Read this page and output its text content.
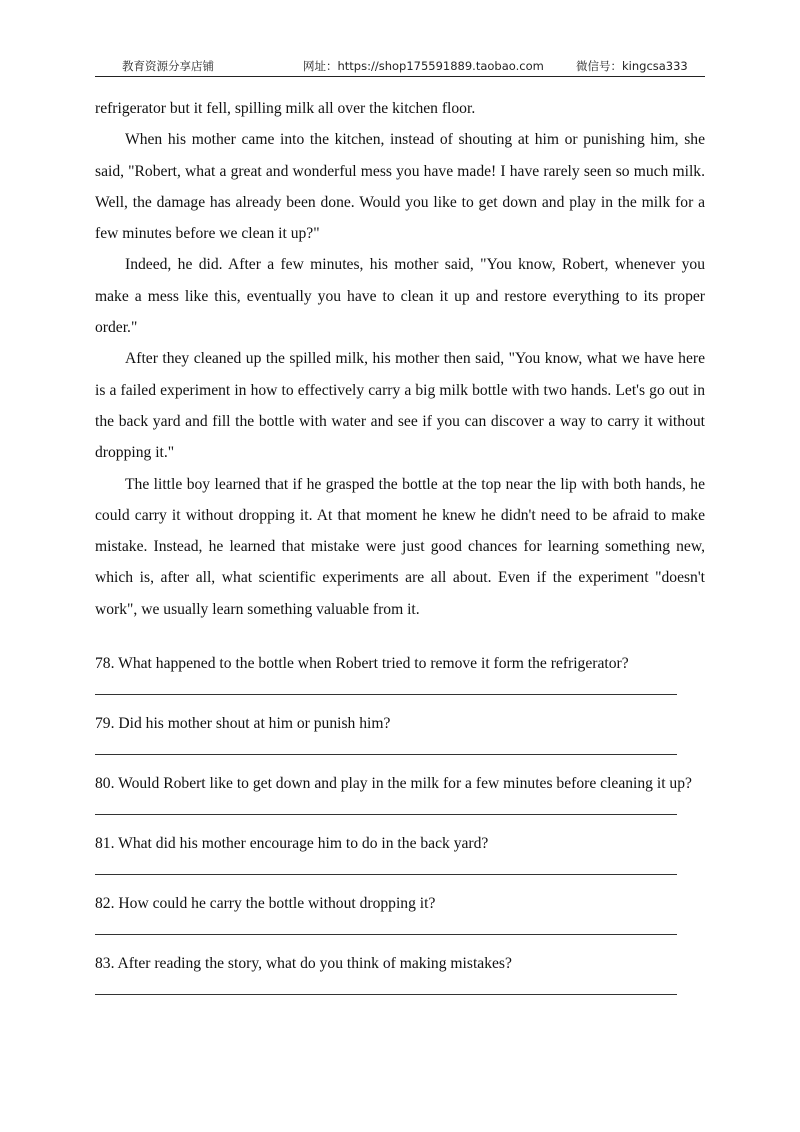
教育资源分享店铺	网址：https://shop175591889.taobao.com	微信号：kingcsa333

refrigerator but it fell, spilling milk all over the kitchen floor.

When his mother came into the kitchen, instead of shouting at him or punishing him, she said, "Robert, what a great and wonderful mess you have made! I have rarely seen so much milk. Well, the damage has already been done. Would you like to get down and play in the milk for a few minutes before we clean it up?"

Indeed, he did. After a few minutes, his mother said, "You know, Robert, whenever you make a mess like this, eventually you have to clean it up and restore everything to its proper order."

After they cleaned up the spilled milk, his mother then said, "You know, what we have here is a failed experiment in how to effectively carry a big milk bottle with two hands. Let's go out in the back yard and fill the bottle with water and see if you can discover a way to carry it without dropping it."

The little boy learned that if he grasped the bottle at the top near the lip with both hands, he could carry it without dropping it. At that moment he knew he didn't need to be afraid to make mistake. Instead, he learned that mistake were just good chances for learning something new, which is, after all, what scientific experiments are all about. Even if the experiment "doesn't work", we usually learn something valuable from it.

78. What happened to the bottle when Robert tried to remove it form the refrigerator?

79. Did his mother shout at him or punish him?

80. Would Robert like to get down and play in the milk for a few minutes before cleaning it up?

81. What did his mother encourage him to do in the back yard?

82. How could he carry the bottle without dropping it?

83. After reading the story, what do you think of making mistakes?
